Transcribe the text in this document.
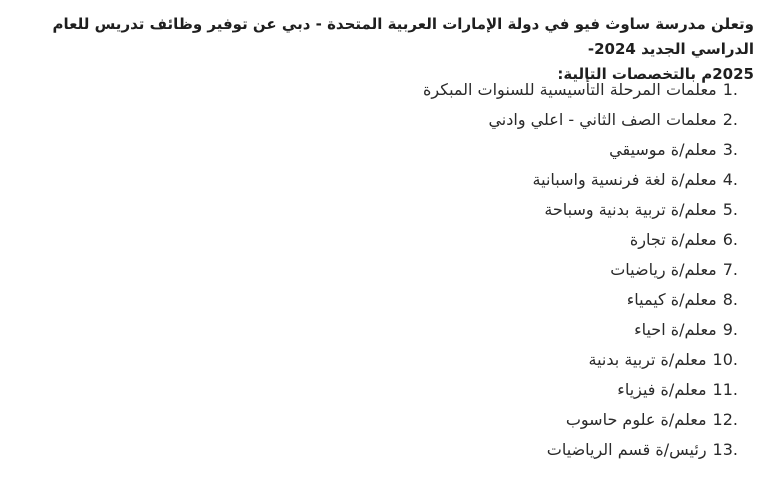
وتعلن مدرسة ساوث فيو في دولة الإمارات العربية المتحدة - دبي عن توفير وظائف تدريس للعام الدراسي الجديد 2024-
2025م بالتخصصات التالية:

1.
معلمات المرحلة التأسيسية للسنوات المبكرة
2.
معلمات الصف الثاني - اعلي وادني
3.
معلم/ة موسيقي
4.
معلم/ة لغة فرنسية واسبانية
5.
معلم/ة تربية بدنية وسباحة
6.
معلم/ة تجارة
7.
معلم/ة رياضيات
8.
معلم/ة كيمياء
9.
معلم/ة احياء
10.
معلم/ة تربية بدنية
11.
معلم/ة فيزياء
12.
معلم/ة علوم حاسوب
13.
رئيس/ة قسم الرياضيات
